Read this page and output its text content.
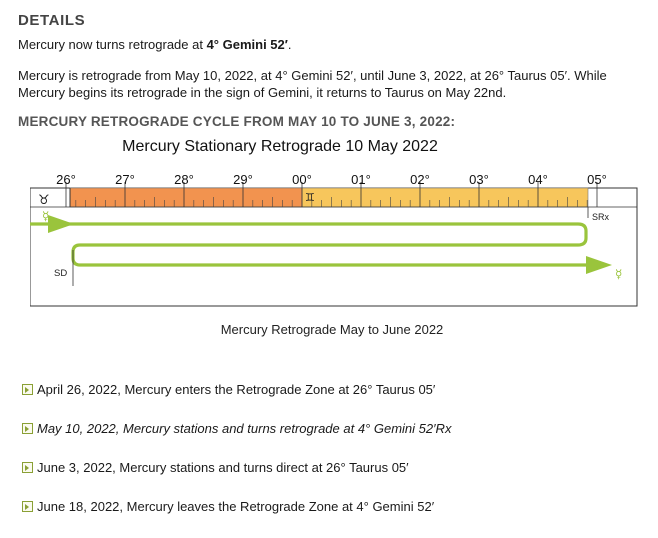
DETAILS

Mercury now turns retrograde at 4° Gemini 52′.

Mercury is retrograde from May 10, 2022, at 4° Gemini 52′, until June 3, 2022, at 26° Taurus 05′. While Mercury begins its retrograde in the sign of Gemini, it returns to Taurus on May 22nd.

MERCURY RETROGRADE CYCLE FROM MAY 10 TO JUNE 3, 2022:
Mercury Stationary Retrograde 10 May 2022
26°	27°	28°	29°	00°	01°	02°	03°	04°	05°
♉	♊
SRx
SD
☿
☿
Mercury Retrograde May to June 2022
April 26, 2022, Mercury enters the Retrograde Zone at 26° Taurus 05′
May 10, 2022, Mercury stations and turns retrograde at 4° Gemini 52′Rx
June 3, 2022, Mercury stations and turns direct at 26° Taurus 05′
June 18, 2022, Mercury leaves the Retrograde Zone at 4° Gemini 52′
